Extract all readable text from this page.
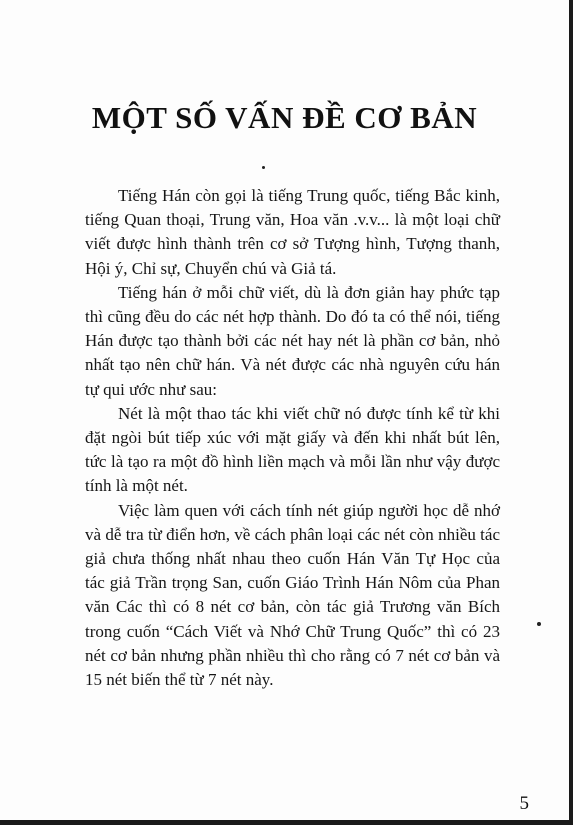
MỘT SỐ VẤN ĐỀ CƠ BẢN

Tiếng Hán còn gọi là tiếng Trung quốc, tiếng Bắc kinh, tiếng Quan thoại, Trung văn, Hoa văn .v.v... là một loại chữ viết được hình thành trên cơ sở Tượng hình, Tượng thanh, Hội ý, Chỉ sự, Chuyển chú và Giả tá.

Tiếng hán ở mỗi chữ viết, dù là đơn giản hay phức tạp thì cũng đều do các nét hợp thành. Do đó ta có thể nói, tiếng Hán được tạo thành bởi các nét hay nét là phần cơ bản, nhỏ nhất tạo nên chữ hán. Và nét được các nhà nguyên cứu hán tự qui ước như sau:

Nét là một thao tác khi viết chữ nó được tính kể từ khi đặt ngòi bút tiếp xúc với mặt giấy và đến khi nhất bút lên, tức là tạo ra một đồ hình liền mạch và mỗi lần như vậy được tính là một nét.

Việc làm quen với cách tính nét giúp người học dễ nhớ và dễ tra từ điển hơn, về cách phân loại các nét còn nhiều tác giả chưa thống nhất nhau theo cuốn Hán Văn Tự Học của tác giả Trần trọng San, cuốn Giáo Trình Hán Nôm của Phan văn Các thì có 8 nét cơ bản, còn tác giả Trương văn Bích trong cuốn “Cách Viết và Nhớ Chữ Trung Quốc” thì có 23 nét cơ bản nhưng phần nhiều thì cho rằng có 7 nét cơ bản và 15 nét biến thể từ 7 nét này.

5
